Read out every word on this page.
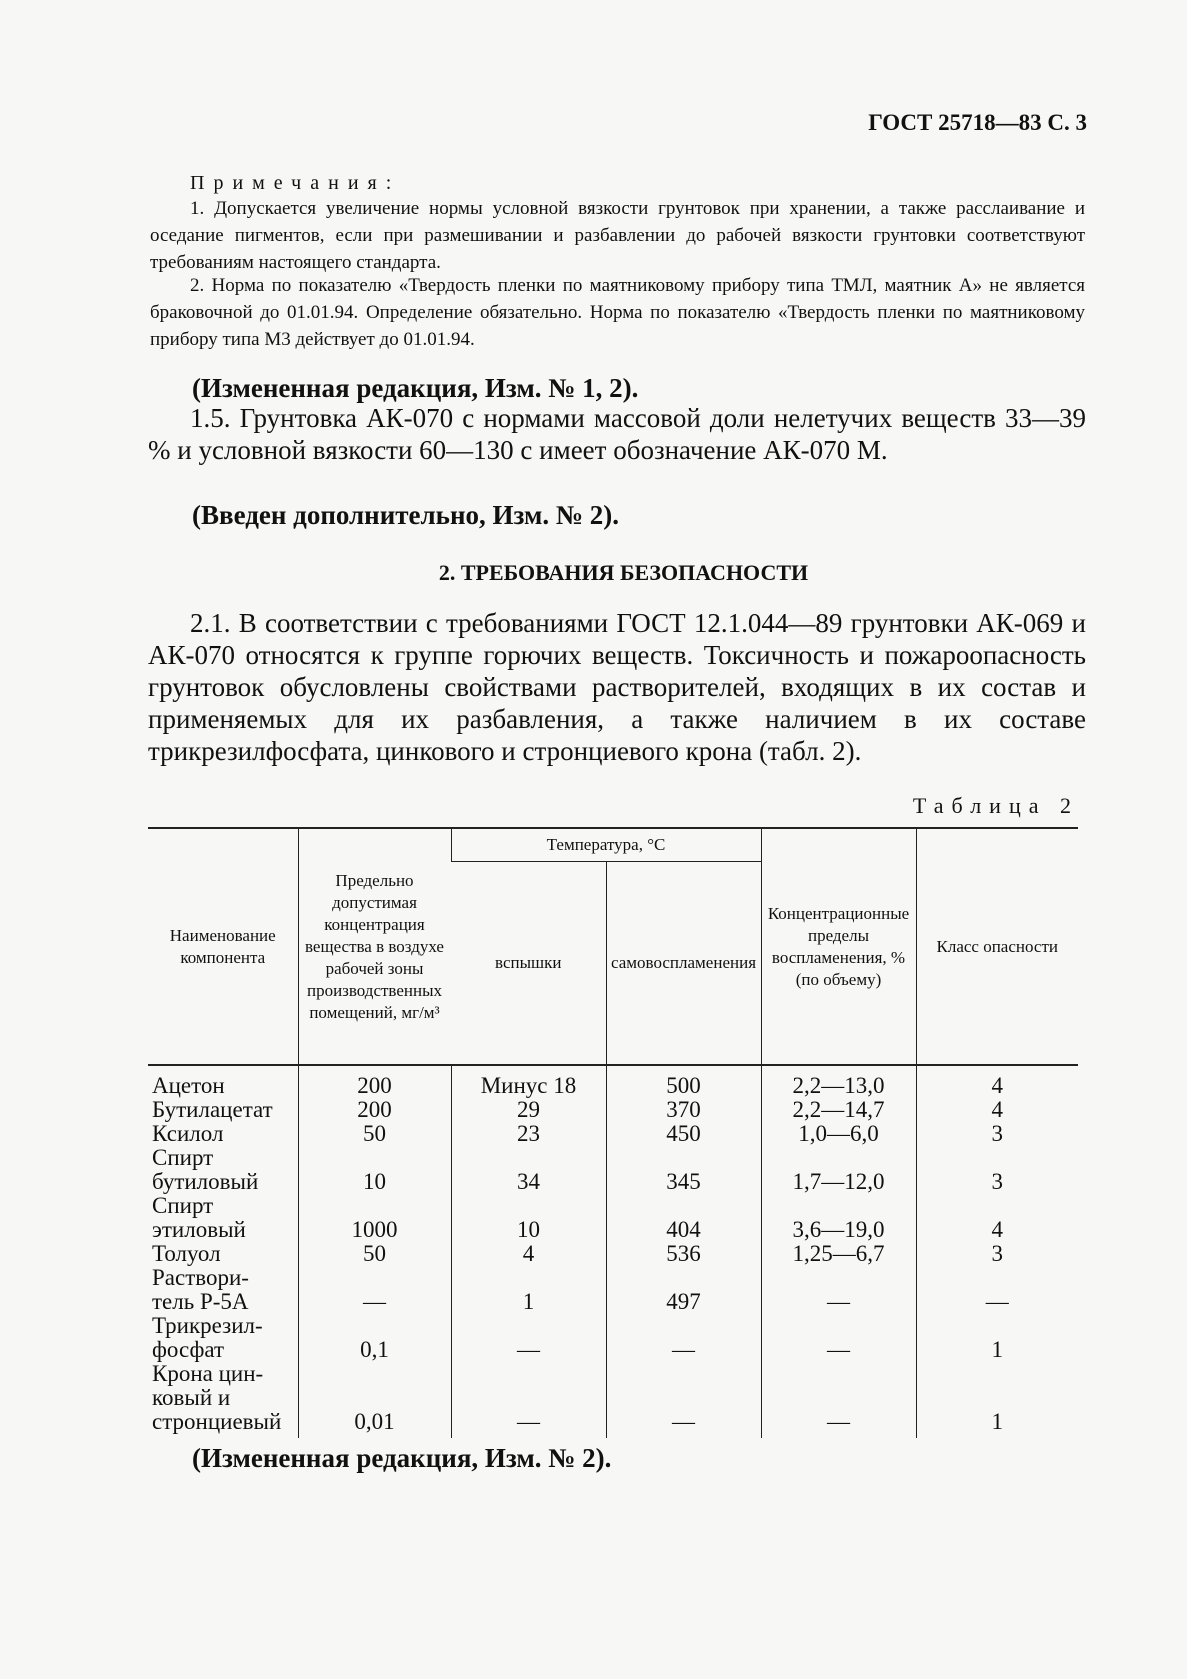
ГОСТ 25718—83 С. 3
Примечания:
1. Допускается увеличение нормы условной вязкости грунтовок при хранении, а также расслаивание и оседание пигментов, если при размешивании и разбавлении до рабочей вязкости грунтовки соответствуют требованиям настоящего стандарта.
2. Норма по показателю «Твердость пленки по маятниковому прибору типа ТМЛ, маятник А» не является браковочной до 01.01.94. Определение обязательно. Норма по показателю «Твердость пленки по маятниковому прибору типа М3 действует до 01.01.94.
(Измененная редакция, Изм. № 1, 2).
1.5. Грунтовка АК-070 с нормами массовой доли нелетучих веществ 33—39 % и условной вязкости 60—130 с имеет обозначение АК-070 М.
(Введен дополнительно, Изм. № 2).
2. ТРЕБОВАНИЯ БЕЗОПАСНОСТИ
2.1. В соответствии с требованиями ГОСТ 12.1.044—89 грунтовки АК-069 и АК-070 относятся к группе горючих веществ. Токсичность и пожароопасность грунтовок обусловлены свойствами растворителей, входящих в их состав и применяемых для их разбавления, а также наличием в их составе трикрезилфосфата, цинкового и стронциевого крона (табл. 2).
Таблица 2
Наименование компонента	Предельно допустимая концентрация вещества в воздухе рабочей зоны производственных помещений, мг/м³	Температура, °С		Концентрационные пределы воспламенения, % (по объему)	Класс опасности
		вспышки	самовоспламенения		

Ацетон	200	Минус 18	500	2,2—13,0	4

Бутилацетат	200	29	370	2,2—14,7	4

Ксилол	50	23	450	1,0—6,0	3

Спирт
бутиловый	10	34	345	1,7—12,0	3

Спирт
этиловый	1000	10	404	3,6—19,0	4

Толуол	50	4	536	1,25—6,7	3

Раствори-
тель Р-5А	—	1	497	—	—

Трикрезил-
фосфат	0,1	—	—	—	1

Крона цин-
ковый и
стронциевый	0,01	—	—	—	1
(Измененная редакция, Изм. № 2).
